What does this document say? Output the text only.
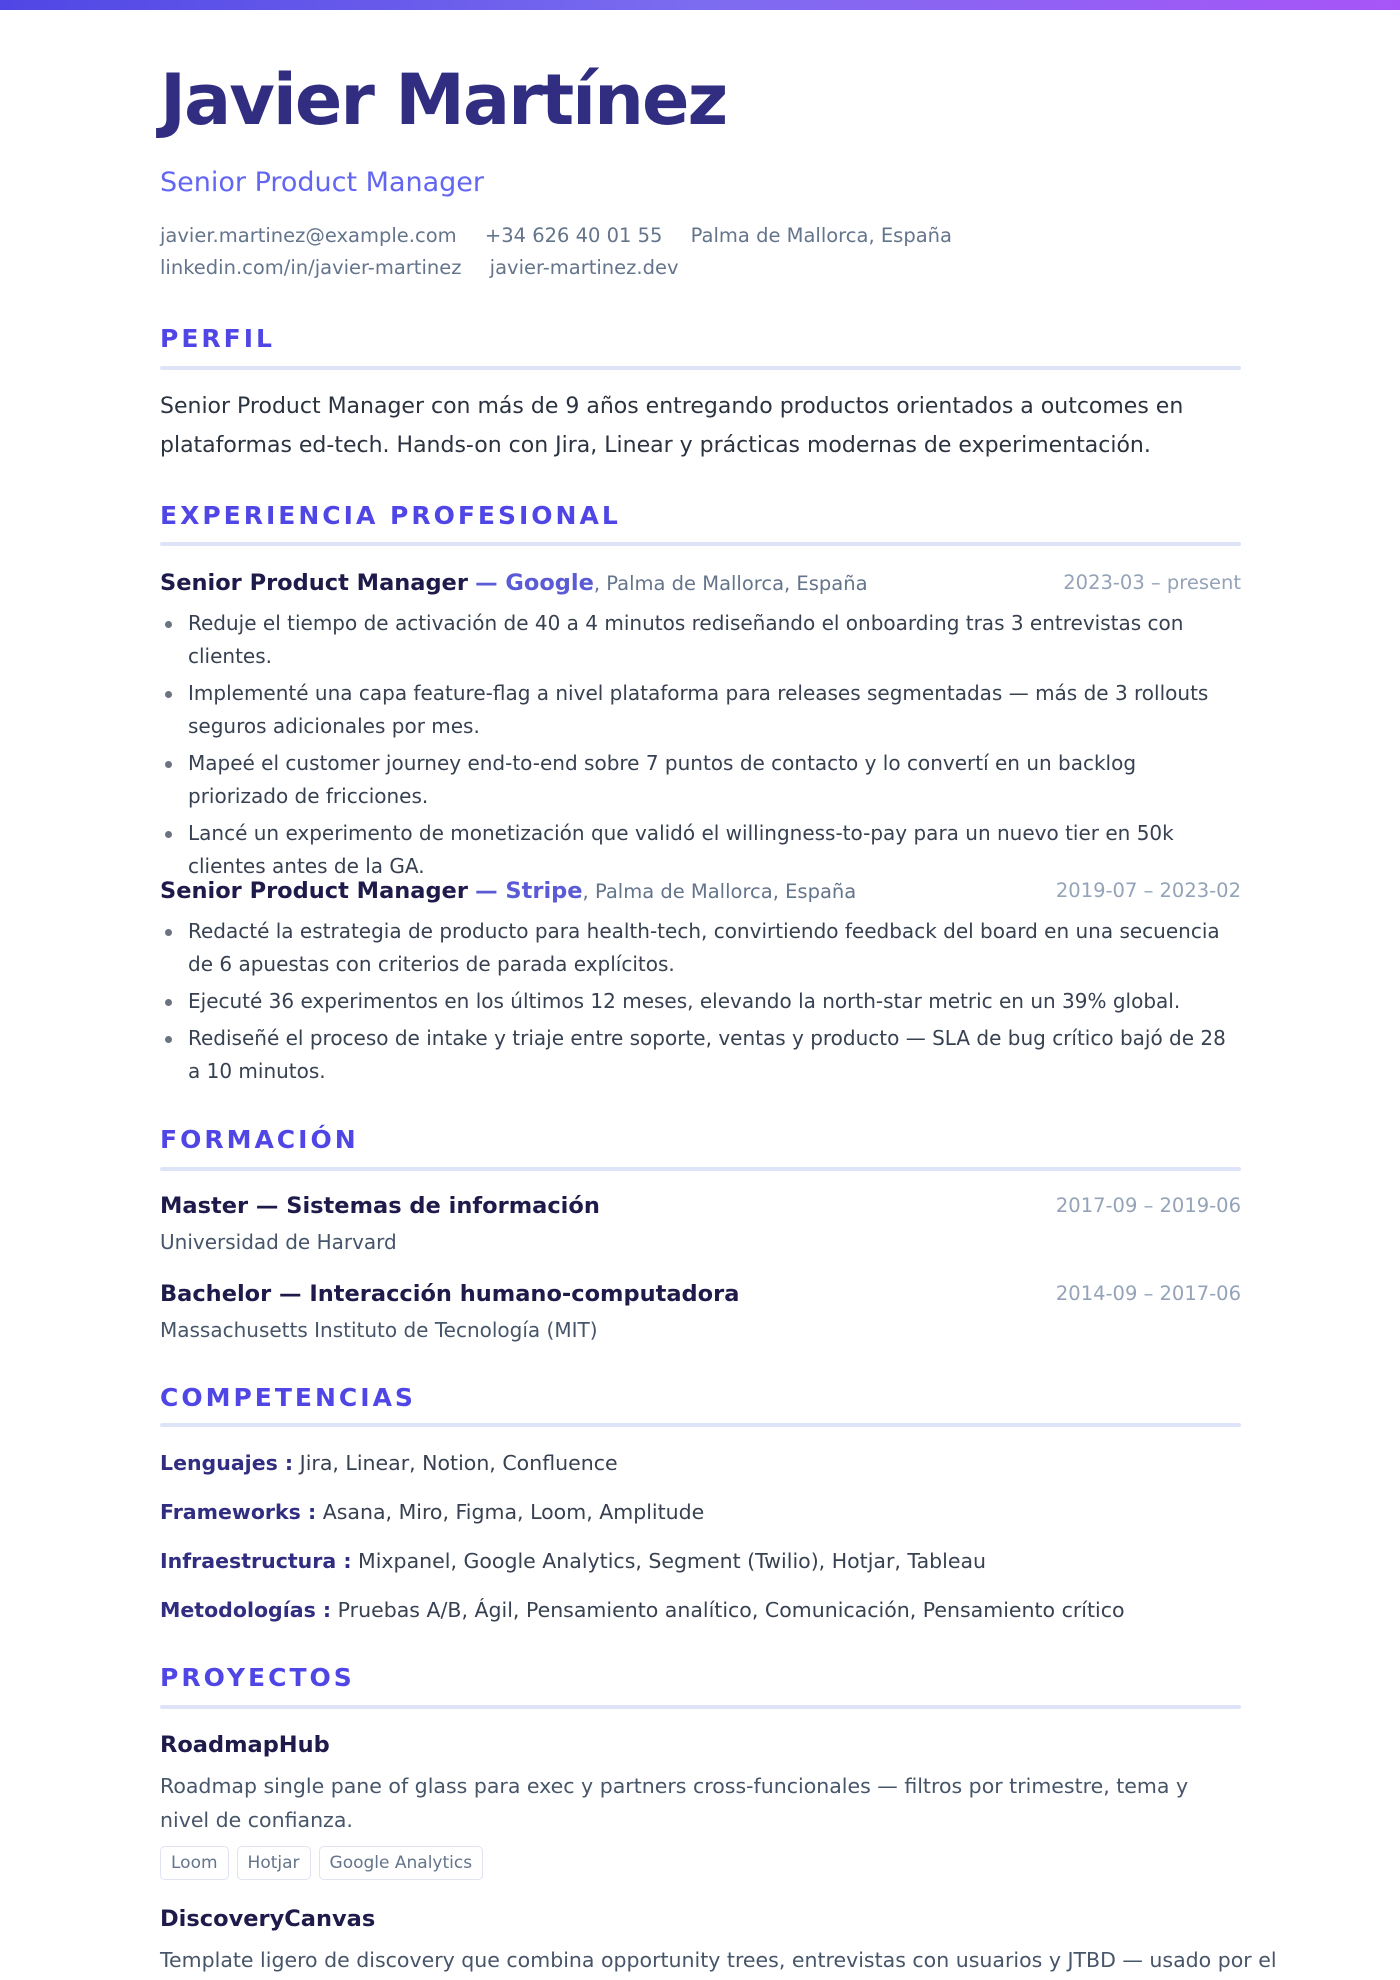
Javier Martínez
Senior Product Manager
javier.martinez@example.com +34 626 40 01 55 Palma de Mallorca, España linkedin.com/in/javier-martinez javier-martinez.dev
PERFIL

Senior Product Manager con más de 9 años entregando productos orientados a outcomes en plataformas ed-tech. Hands-on con Jira, Linear y prácticas modernas de experimentación.

EXPERIENCIA PROFESIONAL
Senior Product Manager — Google, Palma de Mallorca, España	2023-03 – present
Reduje el tiempo de activación de 40 a 4 minutos rediseñando el onboarding tras 3 entrevistas con clientes.
Implementé una capa feature-flag a nivel plataforma para releases segmentadas — más de 3 rollouts seguros adicionales por mes.
Mapeé el customer journey end-to-end sobre 7 puntos de contacto y lo convertí en un backlog priorizado de fricciones.
Lancé un experimento de monetización que validó el willingness-to-pay para un nuevo tier en 50k clientes antes de la GA.
Senior Product Manager — Stripe, Palma de Mallorca, España	2019-07 – 2023-02
Redacté la estrategia de producto para health-tech, convirtiendo feedback del board en una secuencia de 6 apuestas con criterios de parada explícitos.
Ejecuté 36 experimentos en los últimos 12 meses, elevando la north-star metric en un 39% global.
Rediseñé el proceso de intake y triaje entre soporte, ventas y producto — SLA de bug crítico bajó de 28 a 10 minutos.
FORMACIÓN
Master — Sistemas de información	2017-09 – 2019-06
Universidad de Harvard
Bachelor — Interacción humano-computadora	2014-09 – 2017-06
Massachusetts Instituto de Tecnología (MIT)
COMPETENCIAS
Lenguajes : Jira, Linear, Notion, Confluence
Frameworks : Asana, Miro, Figma, Loom, Amplitude
Infraestructura : Mixpanel, Google Analytics, Segment (Twilio), Hotjar, Tableau
Metodologías : Pruebas A/B, Ágil, Pensamiento analítico, Comunicación, Pensamiento crítico
PROYECTOS
RoadmapHub

Roadmap single pane of glass para exec y partners cross-funcionales — filtros por trimestre, tema y nivel de confianza.

Loom	Hotjar	Google Analytics
DiscoveryCanvas

Template ligero de discovery que combina opportunity trees, entrevistas con usuarios y JTBD — usado por el
